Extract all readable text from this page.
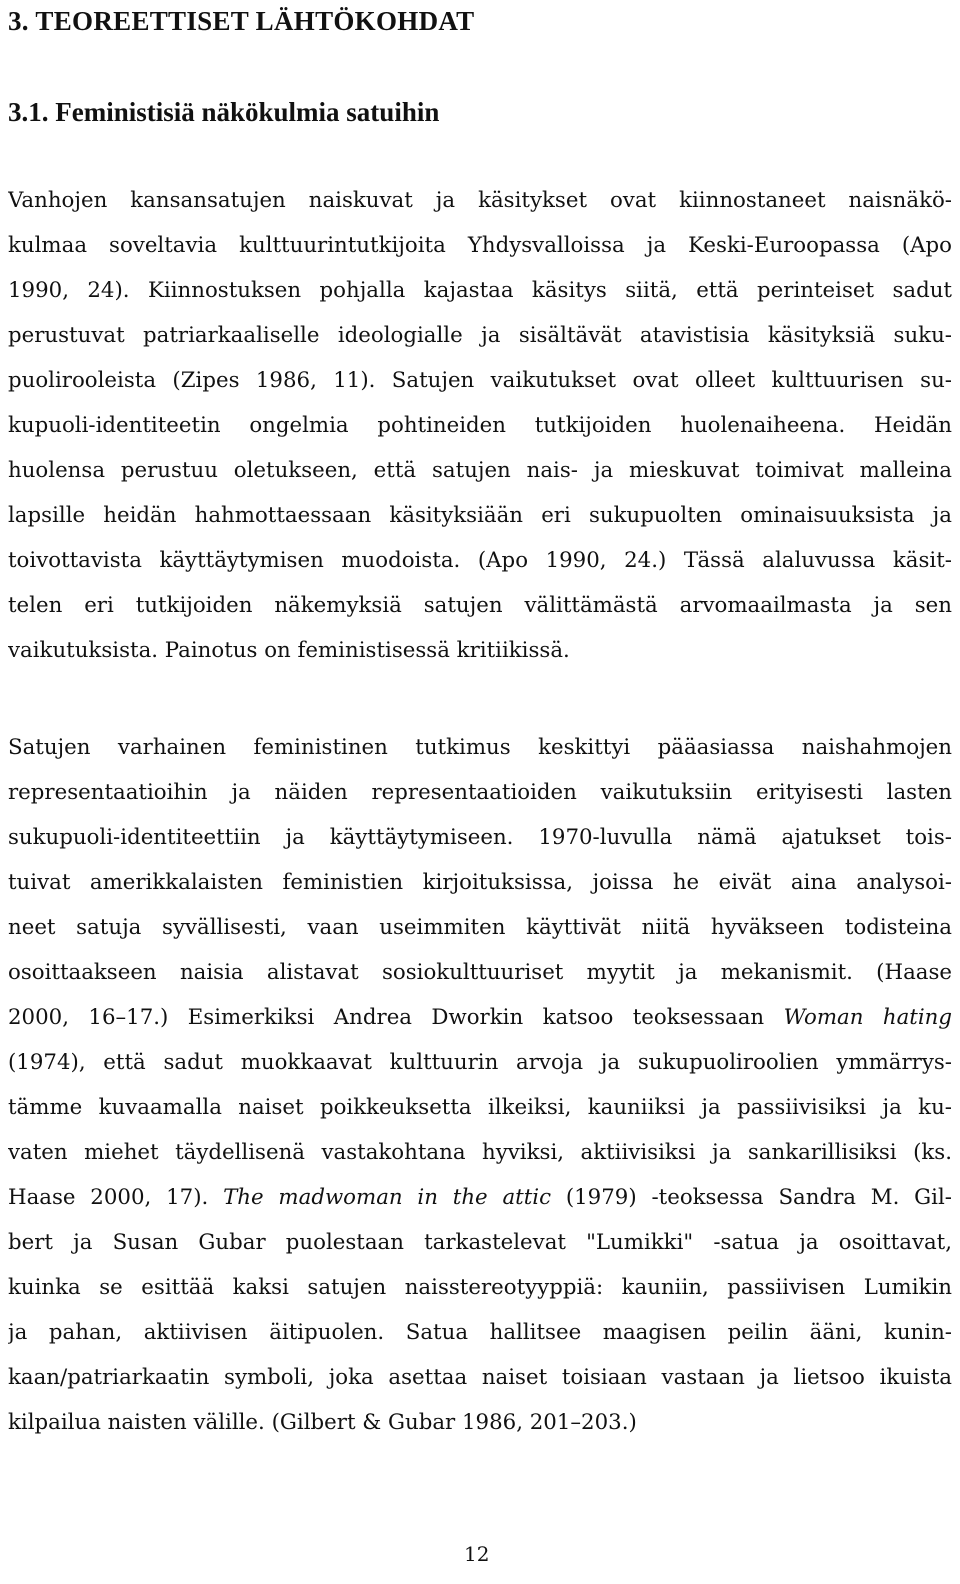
3. TEOREETTISET LÄHTÖKOHDAT
3.1. Feministisiä näkökulmia satuihin
Vanhojen kansansatujen naiskuvat ja käsitykset ovat kiinnostaneet naisnäkö-
kulmaa soveltavia kulttuurintutkijoita Yhdysvalloissa ja Keski-Euroopassa (Apo
1990, 24). Kiinnostuksen pohjalla kajastaa käsitys siitä, että perinteiset sadut
perustuvat patriarkaaliselle ideologialle ja sisältävät atavistisia käsityksiä suku-
puolirooleista (Zipes 1986, 11). Satujen vaikutukset ovat olleet kulttuurisen su-
kupuoli-identiteetin ongelmia pohtineiden tutkijoiden huolenaiheena. Heidän
huolensa perustuu oletukseen, että satujen nais- ja mieskuvat toimivat malleina
lapsille heidän hahmottaessaan käsityksiään eri sukupuolten ominaisuuksista ja
toivottavista käyttäytymisen muodoista. (Apo 1990, 24.) Tässä alaluvussa käsit-
telen eri tutkijoiden näkemyksiä satujen välittämästä arvomaailmasta ja sen
vaikutuksista. Painotus on feministisessä kritiikissä.
Satujen varhainen feministinen tutkimus keskittyi pääasiassa naishahmojen
representaatioihin ja näiden representaatioiden vaikutuksiin erityisesti lasten
sukupuoli-identiteettiin ja käyttäytymiseen. 1970-luvulla nämä ajatukset tois-
tuivat amerikkalaisten feministien kirjoituksissa, joissa he eivät aina analysoi-
neet satuja syvällisesti, vaan useimmiten käyttivät niitä hyväkseen todisteina
osoittaakseen naisia alistavat sosiokulttuuriset myytit ja mekanismit. (Haase
2000, 16–17.) Esimerkiksi Andrea Dworkin katsoo teoksessaan Woman hating
(1974), että sadut muokkaavat kulttuurin arvoja ja sukupuoliroolien ymmärrys-
tämme kuvaamalla naiset poikkeuksetta ilkeiksi, kauniiksi ja passiivisiksi ja ku-
vaten miehet täydellisenä vastakohtana hyviksi, aktiivisiksi ja sankarillisiksi (ks.
Haase 2000, 17). The madwoman in the attic (1979) -teoksessa Sandra M. Gil-
bert ja Susan Gubar puolestaan tarkastelevat "Lumikki" -satua ja osoittavat,
kuinka se esittää kaksi satujen naisstereotyyppiä: kauniin, passiivisen Lumikin
ja pahan, aktiivisen äitipuolen. Satua hallitsee maagisen peilin ääni, kunin-
kaan/patriarkaatin symboli, joka asettaa naiset toisiaan vastaan ja lietsoo ikuista
kilpailua naisten välille. (Gilbert & Gubar 1986, 201–203.)
12
